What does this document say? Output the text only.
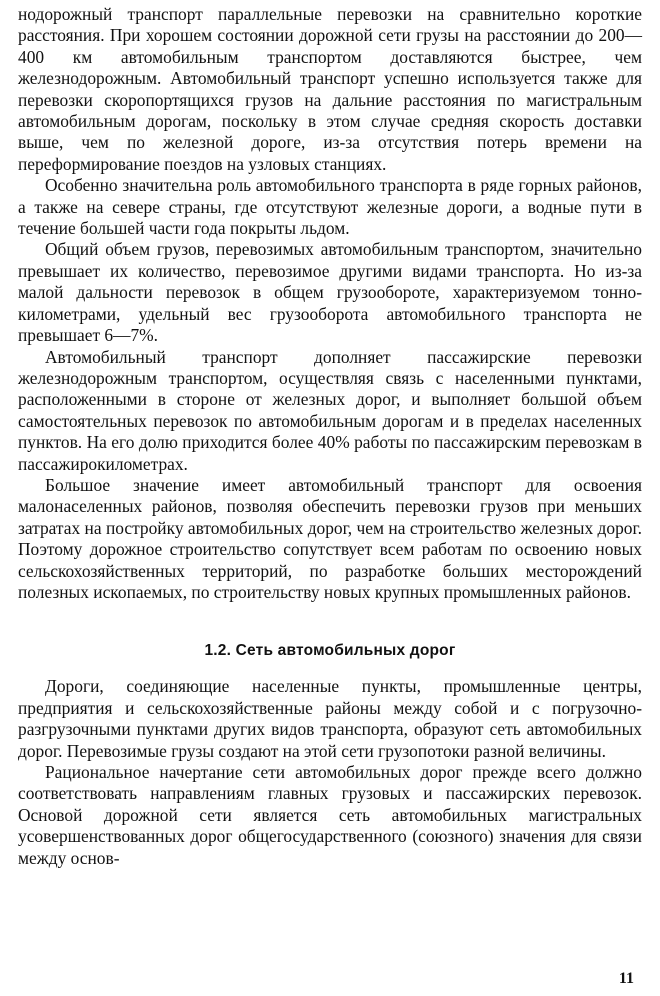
нодорожный транспорт параллельные перевозки на сравнительно короткие расстояния. При хорошем состоянии дорожной сети грузы на расстоянии до 200—400 км автомобильным транспортом доставляются быстрее, чем железнодорожным. Автомобильный транспорт успешно используется также для перевозки скоропортящихся грузов на дальние расстояния по магистральным автомобильным дорогам, поскольку в этом случае средняя скорость доставки выше, чем по железной дороге, из-за отсутствия потерь времени на переформирование поездов на узловых станциях.

Особенно значительна роль автомобильного транспорта в ряде горных районов, а также на севере страны, где отсутствуют железные дороги, а водные пути в течение большей части года покрыты льдом.

Общий объем грузов, перевозимых автомобильным транспортом, значительно превышает их количество, перевозимое другими видами транспорта. Но из-за малой дальности перевозок в общем грузообороте, характеризуемом тонно-километрами, удельный вес грузооборота автомобильного транспорта не превышает 6—7%.

Автомобильный транспорт дополняет пассажирские перевозки железнодорожным транспортом, осуществляя связь с населенными пунктами, расположенными в стороне от железных дорог, и выполняет большой объем самостоятельных перевозок по автомобильным дорогам и в пределах населенных пунктов. На его долю приходится более 40% работы по пассажирским перевозкам в пассажирокилометрах.

Большое значение имеет автомобильный транспорт для освоения малонаселенных районов, позволяя обеспечить перевозки грузов при меньших затратах на постройку автомобильных дорог, чем на строительство железных дорог. Поэтому дорожное строительство сопутствует всем работам по освоению новых сельскохозяйственных территорий, по разработке больших месторождений полезных ископаемых, по строительству новых крупных промышленных районов.

1.2. Сеть автомобильных дорог

Дороги, соединяющие населенные пункты, промышленные центры, предприятия и сельскохозяйственные районы между собой и с погрузочно-разгрузочными пунктами других видов транспорта, образуют сеть автомобильных дорог. Перевозимые грузы создают на этой сети грузопотоки разной величины.

Рациональное начертание сети автомобильных дорог прежде всего должно соответствовать направлениям главных грузовых и пассажирских перевозок. Основой дорожной сети является сеть автомобильных магистральных усовершенствованных дорог общегосударственного (союзного) значения для связи между основ-

11
